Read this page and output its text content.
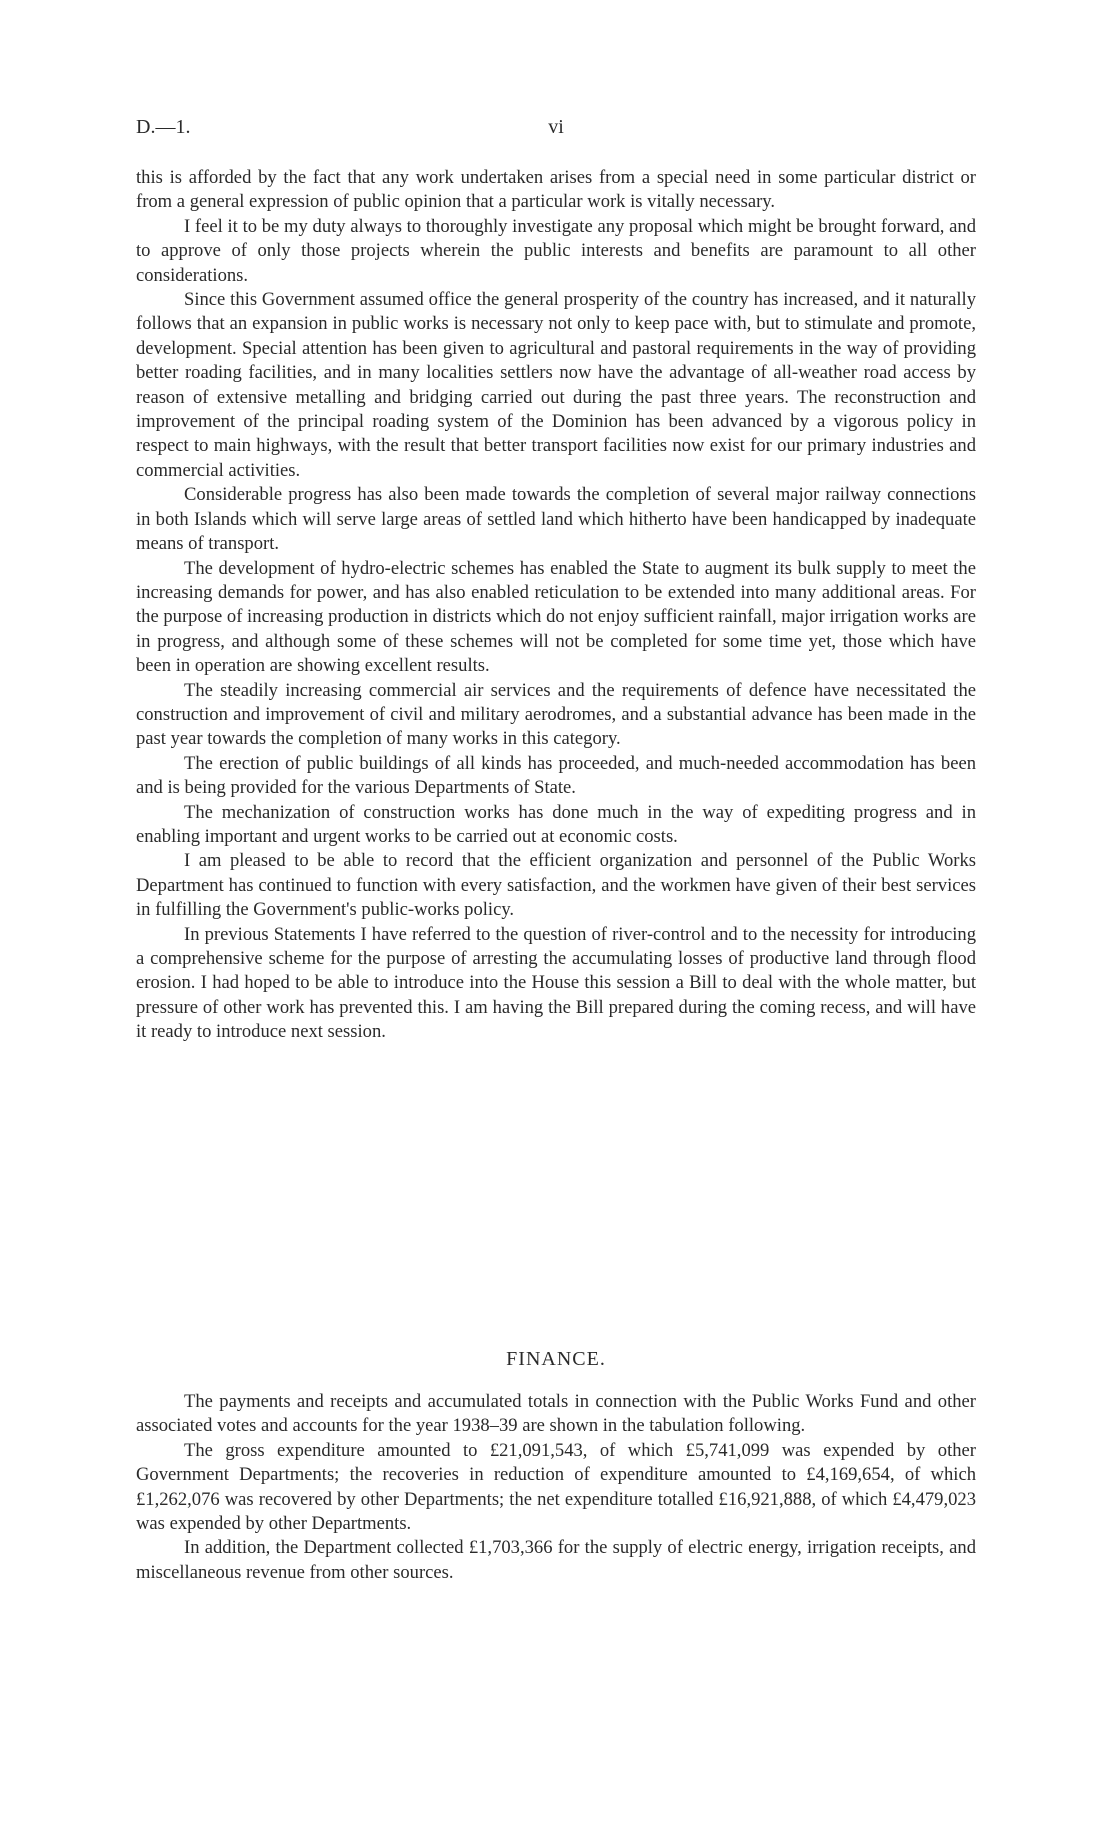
D.—1.	vi

this is afforded by the fact that any work undertaken arises from a special need in some particular district or from a general expression of public opinion that a particular work is vitally necessary.

I feel it to be my duty always to thoroughly investigate any proposal which might be brought forward, and to approve of only those projects wherein the public interests and benefits are paramount to all other considerations.

Since this Government assumed office the general prosperity of the country has increased, and it naturally follows that an expansion in public works is necessary not only to keep pace with, but to stimulate and promote, development. Special attention has been given to agricultural and pastoral requirements in the way of providing better roading facilities, and in many localities settlers now have the advantage of all-weather road access by reason of extensive metalling and bridging carried out during the past three years. The reconstruction and improvement of the principal roading system of the Dominion has been advanced by a vigorous policy in respect to main highways, with the result that better transport facilities now exist for our primary industries and commercial activities.

Considerable progress has also been made towards the completion of several major railway connections in both Islands which will serve large areas of settled land which hitherto have been handicapped by inadequate means of transport.

The development of hydro-electric schemes has enabled the State to augment its bulk supply to meet the increasing demands for power, and has also enabled reticulation to be extended into many additional areas. For the purpose of increasing production in districts which do not enjoy sufficient rainfall, major irrigation works are in progress, and although some of these schemes will not be completed for some time yet, those which have been in operation are showing excellent results.

The steadily increasing commercial air services and the requirements of defence have necessitated the construction and improvement of civil and military aerodromes, and a substantial advance has been made in the past year towards the completion of many works in this category.

The erection of public buildings of all kinds has proceeded, and much-needed accommodation has been and is being provided for the various Departments of State.

The mechanization of construction works has done much in the way of expediting progress and in enabling important and urgent works to be carried out at economic costs.

I am pleased to be able to record that the efficient organization and personnel of the Public Works Department has continued to function with every satisfaction, and the workmen have given of their best services in fulfilling the Government's public-works policy.

In previous Statements I have referred to the question of river-control and to the necessity for introducing a comprehensive scheme for the purpose of arresting the accumulating losses of productive land through flood erosion. I had hoped to be able to introduce into the House this session a Bill to deal with the whole matter, but pressure of other work has prevented this. I am having the Bill prepared during the coming recess, and will have it ready to introduce next session.

FINANCE.

The payments and receipts and accumulated totals in connection with the Public Works Fund and other associated votes and accounts for the year 1938–39 are shown in the tabulation following.

The gross expenditure amounted to £21,091,543, of which £5,741,099 was expended by other Government Departments; the recoveries in reduction of expenditure amounted to £4,169,654, of which £1,262,076 was recovered by other Departments; the net expenditure totalled £16,921,888, of which £4,479,023 was expended by other Departments.

In addition, the Department collected £1,703,366 for the supply of electric energy, irrigation receipts, and miscellaneous revenue from other sources.
